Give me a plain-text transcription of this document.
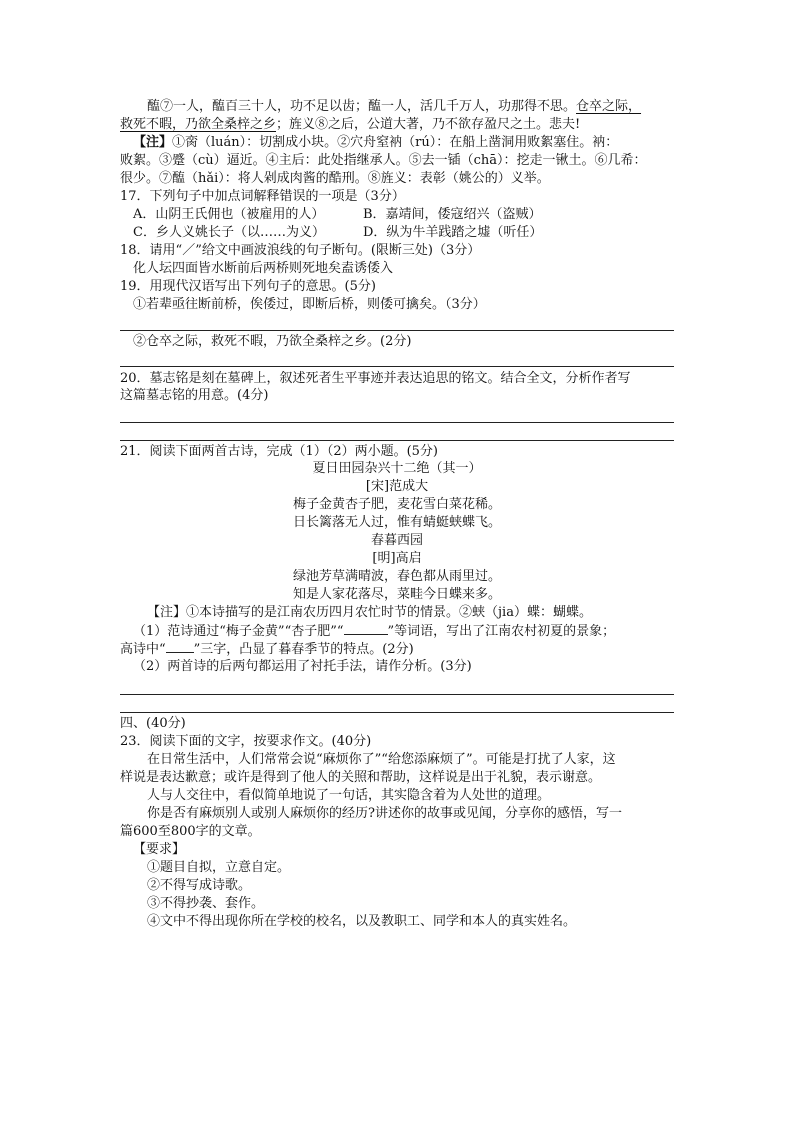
醢⑦一人，醢百三十人，功不足以齿；醢一人，活几千万人，功那得不思。仓卒之际，
救死不暇，乃欲全桑梓之乡；旌义⑧之后，公道大著，乃不欲存盈尺之土。悲夫!
【注】①脔（luán）：切割成小块。②穴舟窒衲（rú）：在船上凿洞用败絮塞住。衲：
败絮。③蹙（cù）逼近。④主后：此处指继承人。⑤去一锸（chā）：挖走一锹土。⑥几希：
很少。⑦醢（hǎi）：将人剁成肉酱的酷刑。⑧旌义：表彰（姚公的）义举。
17．下列句子中加点词解释错误的一项是（3分）
A．山阴王氏佣也（被雇用的人）	B．嘉靖间，倭寇绍兴（盗贼）
C．乡人义姚长子（以……为义）	D．纵为牛羊践踏之墟（听任）
18．请用“／”给文中画波浪线的句子断句。(限断三处)（3分）
化人坛四面皆水断前后两桥则死地矣盍诱倭入
19．用现代汉语写出下列句子的意思。(5分)
①若辈亟往断前桥，俟倭过，即断后桥，则倭可擒矣。（3分）
②仓卒之际，救死不暇，乃欲全桑梓之乡。(2分)
20．墓志铭是刻在墓碑上，叙述死者生平事迹并表达追思的铭文。结合全文，分析作者写
这篇墓志铭的用意。(4分)
21．阅读下面两首古诗，完成（1）（2）两小题。(5分)
夏日田园杂兴十二绝（其一）
[宋]范成大
梅子金黄杏子肥，麦花雪白菜花稀。
日长篱落无人过，惟有蜻蜓蛱蝶飞。
春暮西园
[明]高启
绿池芳草满晴波，春色都从雨里过。
知是人家花落尽，菜畦今日蝶来多。
【注】①本诗描写的是江南农历四月农忙时节的情景。②蛱（jia）蝶：蝴蝶。
（1）范诗通过“梅子金黄”“杏子肥”“	”等词语，写出了江南农村初夏的景象；
高诗中“ ”三字，凸显了暮春季节的特点。(2分)
（2）两首诗的后两句都运用了衬托手法，请作分析。(3分)
四、(40分)
23．阅读下面的文字，按要求作文。(40分)
在日常生活中，人们常常会说“麻烦你了”“给您添麻烦了”。可能是打扰了人家，这
样说是表达歉意；或许是得到了他人的关照和帮助，这样说是出于礼貌，表示谢意。
人与人交往中，看似简单地说了一句话，其实隐含着为人处世的道理。
你是否有麻烦别人或别人麻烦你的经历?讲述你的故事或见闻，分享你的感悟，写一
篇600至800字的文章。
【要求】
①题目自拟，立意自定。
②不得写成诗歌。
③不得抄袭、套作。
④文中不得出现你所在学校的校名，以及教职工、同学和本人的真实姓名。
